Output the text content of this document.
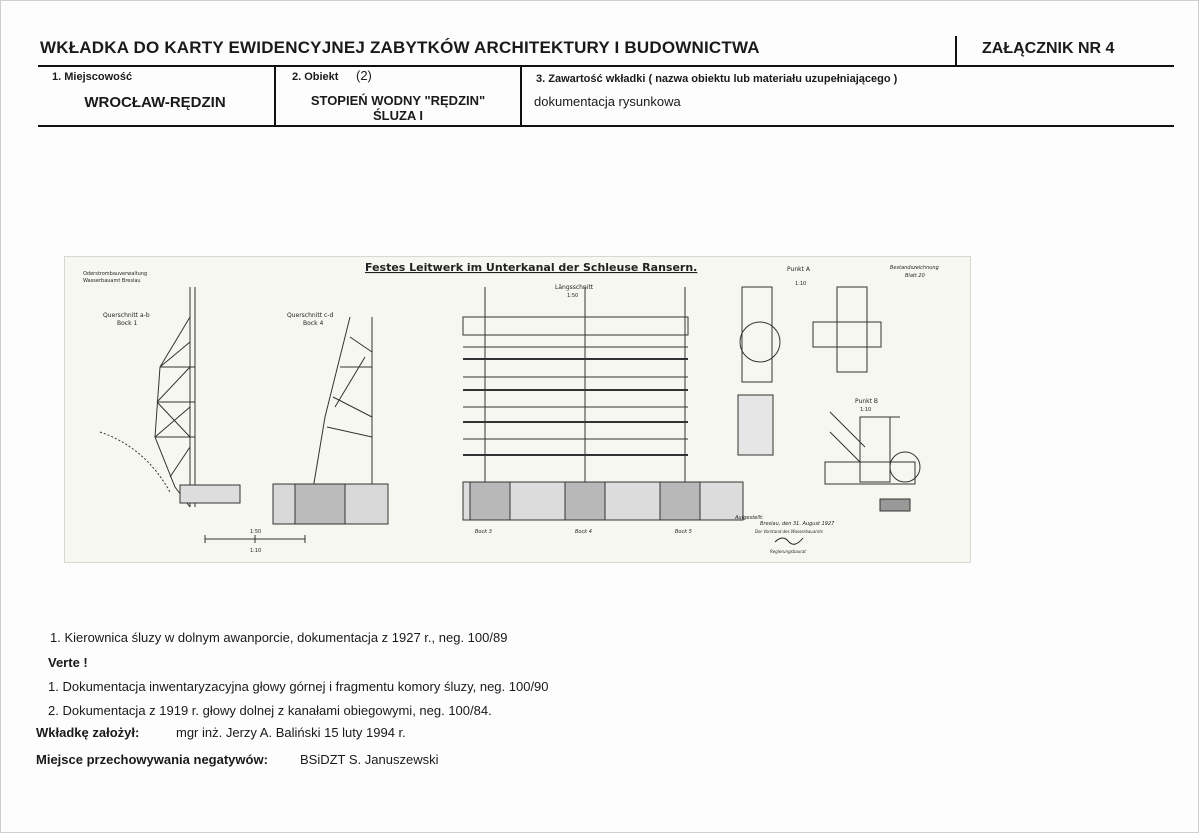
WKŁADKA DO KARTY EWIDENCYJNEJ ZABYTKÓW ARCHITEKTURY I BUDOWNICTWA	ZAŁĄCZNIK NR 4
1. Miejscowość
WROCŁAW-RĘDZIN
2. Obiekt (2)
STOPIEŃ WODNY "RĘDZIN"
ŚLUZA I
3. Zawartość wkładki ( nazwa obiektu lub materiału uzupełniającego )
dokumentacja rysunkowa
Festes Leitwerk im Unterkanal der Schleuse Ransern.
Oderstrombauverwaltung
Wasserbauamt Breslau
Querschnitt a-b
Bock 1
Querschnitt c-d
Bock 4
Längsschnitt
1:50
Punkt A
1:10
Punkt B
1:10
Bestandszeichnung
Blatt 20
Bock 3	Bock 4	Bock 5
Aufgestellt:
Breslau, den 31. August 1927
Der Vorstand des Wasserbauamts
Regierungsbaurat
1:50
1:10
1. Kierownica śluzy w dolnym awanporcie, dokumentacja z 1927 r., neg. 100/89
Verte !
1. Dokumentacja inwentaryzacyjna głowy górnej i fragmentu komory śluzy, neg. 100/90
2. Dokumentacja z 1919 r. głowy dolnej z kanałami obiegowymi, neg. 100/84.
Wkładkę założył:	mgr inż. Jerzy A. Baliński 15 luty 1994 r.
Miejsce przechowywania negatywów: BSiDZT S. Januszewski
